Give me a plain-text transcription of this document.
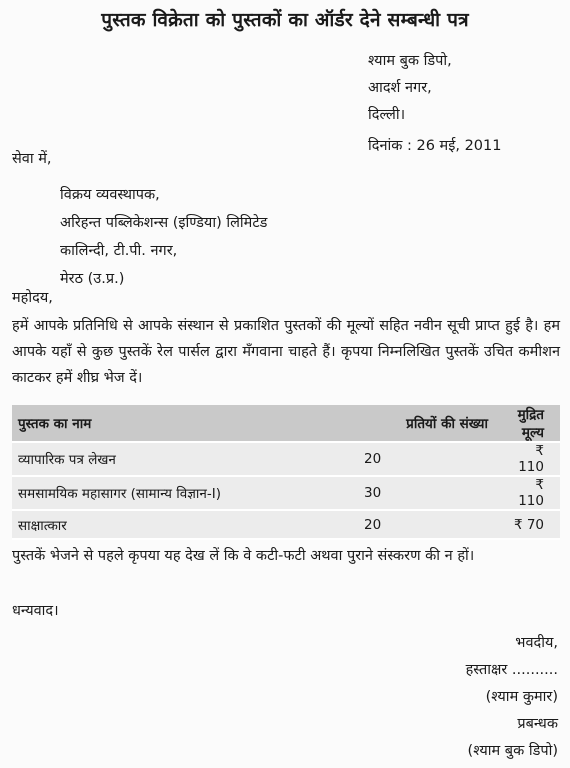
पुस्तक विक्रेता को पुस्तकों का ऑर्डर देने सम्बन्धी पत्र
श्याम बुक डिपो,
आदर्श नगर,
दिल्ली।
दिनांक : 26 मई, 2011
सेवा में,
विक्रय व्यवस्थापक,
अरिहन्त पब्लिकेशन्स (इण्डिया) लिमिटेड
कालिन्दी, टी.पी. नगर,
मेरठ (उ.प्र.)
महोदय,
हमें आपके प्रतिनिधि से आपके संस्थान से प्रकाशित पुस्तकों की मूल्यों सहित नवीन सूची प्राप्त हुई है। हम आपके यहाँ से कुछ पुस्तकें रेल पार्सल द्वारा मँगवाना चाहते हैं। कृपया निम्नलिखित पुस्तकें उचित कमीशन काटकर हमें शीघ्र भेज दें।
पुस्तक का नाम	प्रतियों की संख्या	मुद्रित मूल्य
व्यापारिक पत्र लेखन	20	₹ 110
समसामयिक महासागर (सामान्य विज्ञान-I)	30	₹ 110
साक्षात्कार	20	₹ 70
पुस्तकें भेजने से पहले कृपया यह देख लें कि वे कटी-फटी अथवा पुराने संस्करण की न हों।
धन्यवाद।
भवदीय,
हस्ताक्षर ..........
(श्याम कुमार)
प्रबन्धक
(श्याम बुक डिपो)
